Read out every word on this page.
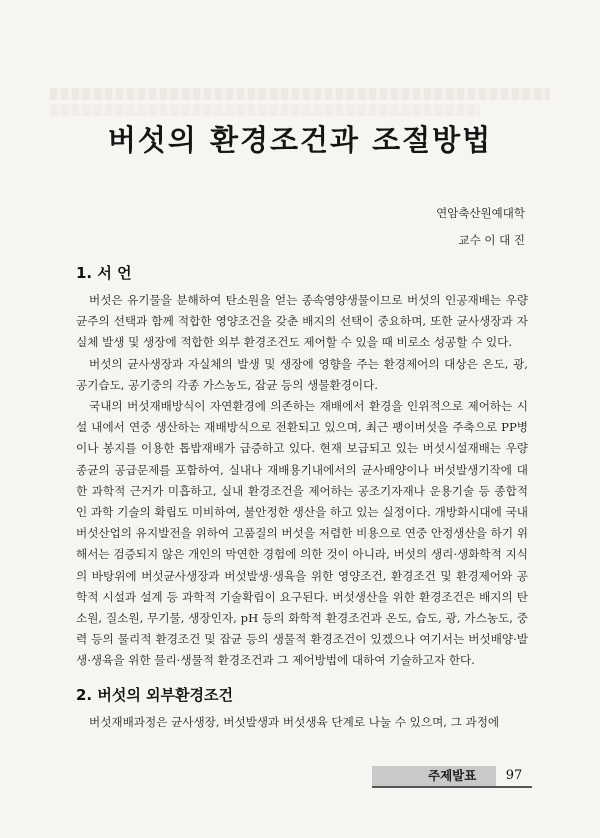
버섯의 환경조건과 조절방법
연암축산원예대학
교수 이 대 진
1. 서 언

버섯은 유기물을 분해하여 탄소원을 얻는 종속영양생물이므로 버섯의 인공재배는 우량균주의 선택과 함께 적합한 영양조건을 갖춘 배지의 선택이 중요하며, 또한 균사생장과 자실체 발생 및 생장에 적합한 외부 환경조건도 제어할 수 있을 때 비로소 성공할 수 있다.

버섯의 균사생장과 자실체의 발생 및 생장에 영향을 주는 환경제어의 대상은 온도, 광, 공기습도, 공기중의 각종 가스농도, 잡균 등의 생물환경이다.

국내의 버섯재배방식이 자연환경에 의존하는 재배에서 환경을 인위적으로 제어하는 시설 내에서 연중 생산하는 재배방식으로 전환되고 있으며, 최근 팽이버섯을 주축으로 PP병이나 봉지를 이용한 톱밥재배가 급증하고 있다. 현재 보급되고 있는 버섯시설재배는 우량 종균의 공급문제를 포함하여, 실내나 재배용기내에서의 균사배양이나 버섯발생기작에 대한 과학적 근거가 미흡하고, 실내 환경조건을 제어하는 공조기자재나 운용기술 등 종합적인 과학 기술의 확립도 미비하여, 불안정한 생산을 하고 있는 실정이다. 개방화시대에 국내 버섯산업의 유지발전을 위하여 고품질의 버섯을 저렴한 비용으로 연중 안정생산을 하기 위해서는 검증되지 않은 개인의 막연한 경험에 의한 것이 아니라, 버섯의 생리·생화학적 지식의 바탕위에 버섯균사생장과 버섯발생·생육을 위한 영양조건, 환경조건 및 환경제어와 공학적 시설과 설계 등 과학적 기술확립이 요구된다. 버섯생산을 위한 환경조건은 배지의 탄소원, 질소원, 무기물, 생장인자, pH 등의 화학적 환경조건과 온도, 습도, 광, 가스농도, 중력 등의 물리적 환경조건 및 잡균 등의 생물적 환경조건이 있겠으나 여기서는 버섯배양·발생·생육을 위한 물리·생물적 환경조건과 그 제어방법에 대하여 기술하고자 한다.

2. 버섯의 외부환경조건

버섯재배과정은 균사생장, 버섯발생과 버섯생육 단계로 나눌 수 있으며, 그 과정에

주제발표	97
